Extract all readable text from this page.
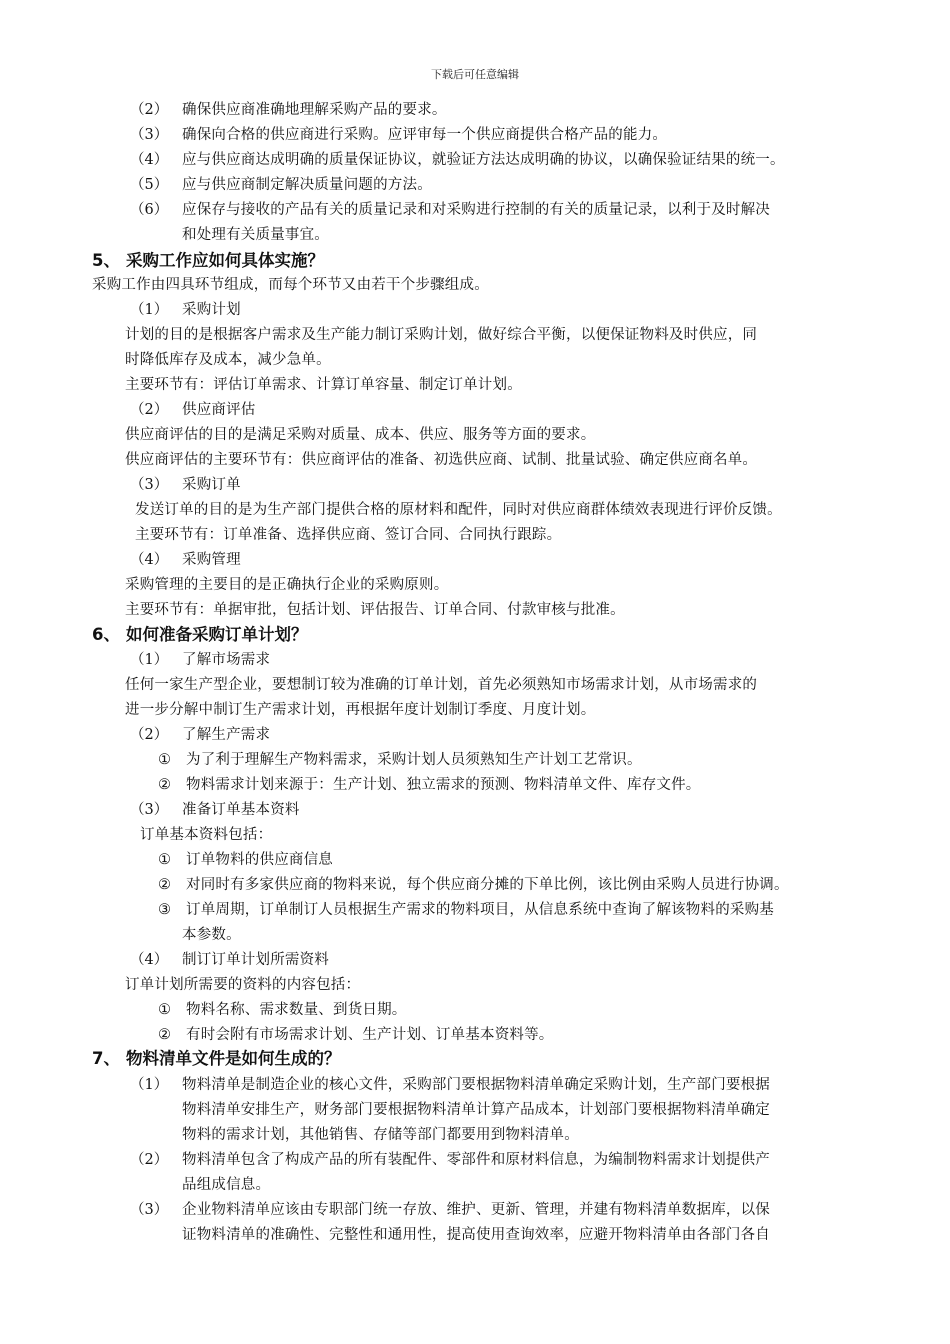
下载后可任意编辑
（2） 确保供应商准确地理解采购产品的要求。
（3） 确保向合格的供应商进行采购。应评审每一个供应商提供合格产品的能力。
（4） 应与供应商达成明确的质量保证协议，就验证方法达成明确的协议，以确保验证结果的统一。
（5） 应与供应商制定解决质量问题的方法。
（6） 应保存与接收的产品有关的质量记录和对采购进行控制的有关的质量记录，以利于及时解决
和处理有关质量事宜。
5、 采购工作应如何具体实施？
采购工作由四具环节组成，而每个环节又由若干个步骤组成。
（1） 采购计划
计划的目的是根据客户需求及生产能力制订采购计划，做好综合平衡，以便保证物料及时供应，同
时降低库存及成本，减少急单。
主要环节有：评估订单需求、计算订单容量、制定订单计划。
（2） 供应商评估
供应商评估的目的是满足采购对质量、成本、供应、服务等方面的要求。
供应商评估的主要环节有：供应商评估的准备、初选供应商、试制、批量试验、确定供应商名单。
（3） 采购订单
发送订单的目的是为生产部门提供合格的原材料和配件，同时对供应商群体绩效表现进行评价反馈。
主要环节有：订单准备、选择供应商、签订合同、合同执行跟踪。
（4） 采购管理
采购管理的主要目的是正确执行企业的采购原则。
主要环节有：单据审批，包括计划、评估报告、订单合同、付款审核与批准。
6、 如何准备采购订单计划？
（1） 了解市场需求
任何一家生产型企业，要想制订较为准确的订单计划，首先必须熟知市场需求计划，从市场需求的
进一步分解中制订生产需求计划，再根据年度计划制订季度、月度计划。
（2） 了解生产需求
① 为了利于理解生产物料需求，采购计划人员须熟知生产计划工艺常识。
② 物料需求计划来源于：生产计划、独立需求的预测、物料清单文件、库存文件。
（3） 准备订单基本资料
订单基本资料包括：
① 订单物料的供应商信息
② 对同时有多家供应商的物料来说，每个供应商分摊的下单比例，该比例由采购人员进行协调。
③ 订单周期，订单制订人员根据生产需求的物料项目，从信息系统中查询了解该物料的采购基
本参数。
（4） 制订订单计划所需资料
订单计划所需要的资料的内容包括：
① 物料名称、需求数量、到货日期。
② 有时会附有市场需求计划、生产计划、订单基本资料等。
7、 物料清单文件是如何生成的？
（1） 物料清单是制造企业的核心文件，采购部门要根据物料清单确定采购计划，生产部门要根据
物料清单安排生产，财务部门要根据物料清单计算产品成本，计划部门要根据物料清单确定
物料的需求计划，其他销售、存储等部门都要用到物料清单。
（2） 物料清单包含了构成产品的所有装配件、零部件和原材料信息，为编制物料需求计划提供产
品组成信息。
（3） 企业物料清单应该由专职部门统一存放、维护、更新、管理，并建有物料清单数据库，以保
证物料清单的准确性、完整性和通用性，提高使用查询效率，应避开物料清单由各部门各自
